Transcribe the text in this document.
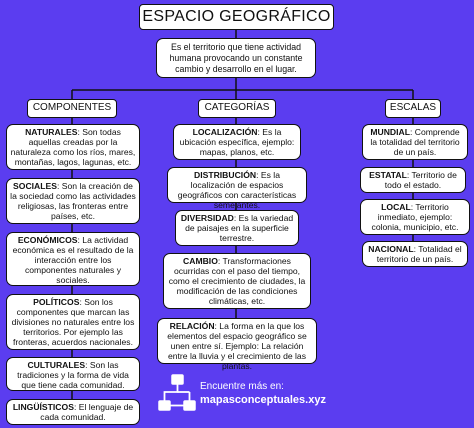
ESPACIO GEOGRÁFICO
Es el territorio que tiene actividad humana provocando un constante cambio y desarrollo en el lugar.
COMPONENTES	CATEGORÍAS	ESCALAS
NATURALES: Son todas aquellas creadas por la naturaleza como los ríos, mares, montañas, lagos, lagunas, etc.
SOCIALES: Son la creación de la sociedad como las actividades religiosas, las fronteras entre países, etc.
ECONÓMICOS: La actividad económica es el resultado de la interacción entre los componentes naturales y sociales.
POLÍTICOS: Son los componentes que marcan las divisiones no naturales entre los territorios. Por ejemplo las fronteras, acuerdos nacionales.
CULTURALES: Son las tradiciones y la forma de vida que tiene cada comunidad.
LINGÜÍSTICOS: El lenguaje de cada comunidad.
LOCALIZACIÓN: Es la ubicación específica, ejemplo: mapas, planos, etc.
DISTRIBUCIÓN: Es la localización de espacios geográficos con características semejantes.
DIVERSIDAD: Es la variedad de paisajes en la superficie terrestre.
CAMBIO: Transformaciones ocurridas con el paso del tiempo, como el crecimiento de ciudades, la modificación de las condiciones climáticas, etc.
RELACIÓN: La forma en la que los elementos del espacio geográfico se unen entre sí. Ejemplo: La relación entre la lluvia y el crecimiento de las plantas.
MUNDIAL: Comprende la totalidad del territorio de un país.
ESTATAL: Territorio de todo el estado.
LOCAL: Territorio inmediato, ejemplo: colonia, municipio, etc.
NACIONAL: Totalidad el territorio de un país.
Encuentre más en:
mapasconceptuales.xyz
